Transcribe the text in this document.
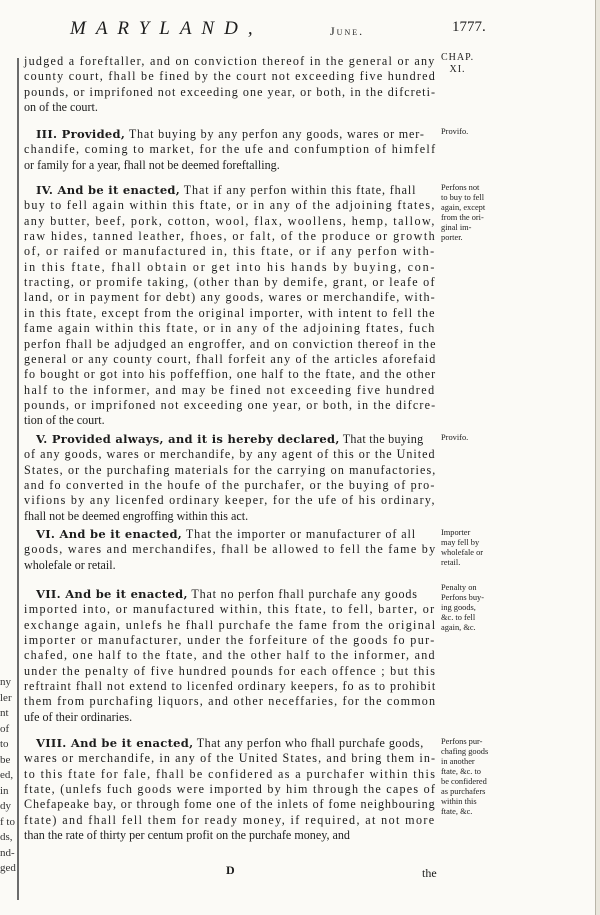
MARYLAND,	June.	1777.
CHAP.
XI.
judged a foreftaller, and on conviction thereof in the general or any
county court, fhall be fined by the court not exceeding five hundred
pounds, or imprifoned not exceeding one year, or both, in the difcreti-
on of the court.
III. Provided, That buying by any perfon any goods, wares or mer-
chandife, coming to market, for the ufe and confumption of himfelf
or family for a year, fhall not be deemed foreftalling.
IV. And be it enacted, That if any perfon within this ftate, fhall
buy to fell again within this ftate, or in any of the adjoining ftates,
any butter, beef, pork, cotton, wool, flax, woollens, hemp, tallow,
raw hides, tanned leather, fhoes, or falt, of the produce or growth
of, or raifed or manufactured in, this ftate, or if any perfon with-
in this ftate, fhall obtain or get into his hands by buying, con-
tracting, or promife taking, (other than by demife, grant, or leafe of
land, or in payment for debt) any goods, wares or merchandife, with-
in this ftate, except from the original importer, with intent to fell the
fame again within this ftate, or in any of the adjoining ftates, fuch
perfon fhall be adjudged an engroffer, and on conviction thereof in the
general or any county court, fhall forfeit any of the articles aforefaid
fo bought or got into his poffeffion, one half to the ftate, and the other
half to the informer, and may be fined not exceeding five hundred
pounds, or imprifoned not exceeding one year, or both, in the difcre-
tion of the court.
V. Provided always, and it is hereby declared, That the buying
of any goods, wares or merchandife, by any agent of this or the United
States, or the purchafing materials for the carrying on manufactories,
and fo converted in the houfe of the purchafer, or the buying of pro-
vifions by any licenfed ordinary keeper, for the ufe of his ordinary,
fhall not be deemed engroffing within this act.
VI. And be it enacted, That the importer or manufacturer of all
goods, wares and merchandifes, fhall be allowed to fell the fame by
wholefale or retail.
VII. And be it enacted, That no perfon fhall purchafe any goods
imported into, or manufactured within, this ftate, to fell, barter, or
exchange again, unlefs he fhall purchafe the fame from the original
importer or manufacturer, under the forfeiture of the goods fo pur-
chafed, one half to the ftate, and the other half to the informer, and
under the penalty of five hundred pounds for each offence ; but this
reftraint fhall not extend to licenfed ordinary keepers, fo as to prohibit
them from purchafing liquors, and other neceffaries, for the common
ufe of their ordinaries.
VIII. And be it enacted, That any perfon who fhall purchafe goods,
wares or merchandife, in any of the United States, and bring them in-
to this ftate for fale, fhall be confidered as a purchafer within this
ftate, (unlefs fuch goods were imported by him through the capes of
Chefapeake bay, or through fome one of the inlets of fome neighbouring
ftate) and fhall fell them for ready money, if required, at not more
than the rate of thirty per centum profit on the purchafe money, and
Provifo.
Perfons not
to buy to fell
again, except
from the ori-
ginal im-
porter.
Provifo.
Importer
may fell by
wholefale or
retail.
Penalty on
Perfons buy-
ing goods,
&c. to fell
again, &c.
Perfons pur-
chafing goods
in another
ftate, &c. to
be confidered
as purchafers
within this
ftate, &c.
ny
ler
nt
of
to
be
ed,
in
dy
f to
ds,
nd-
ged	D	the
